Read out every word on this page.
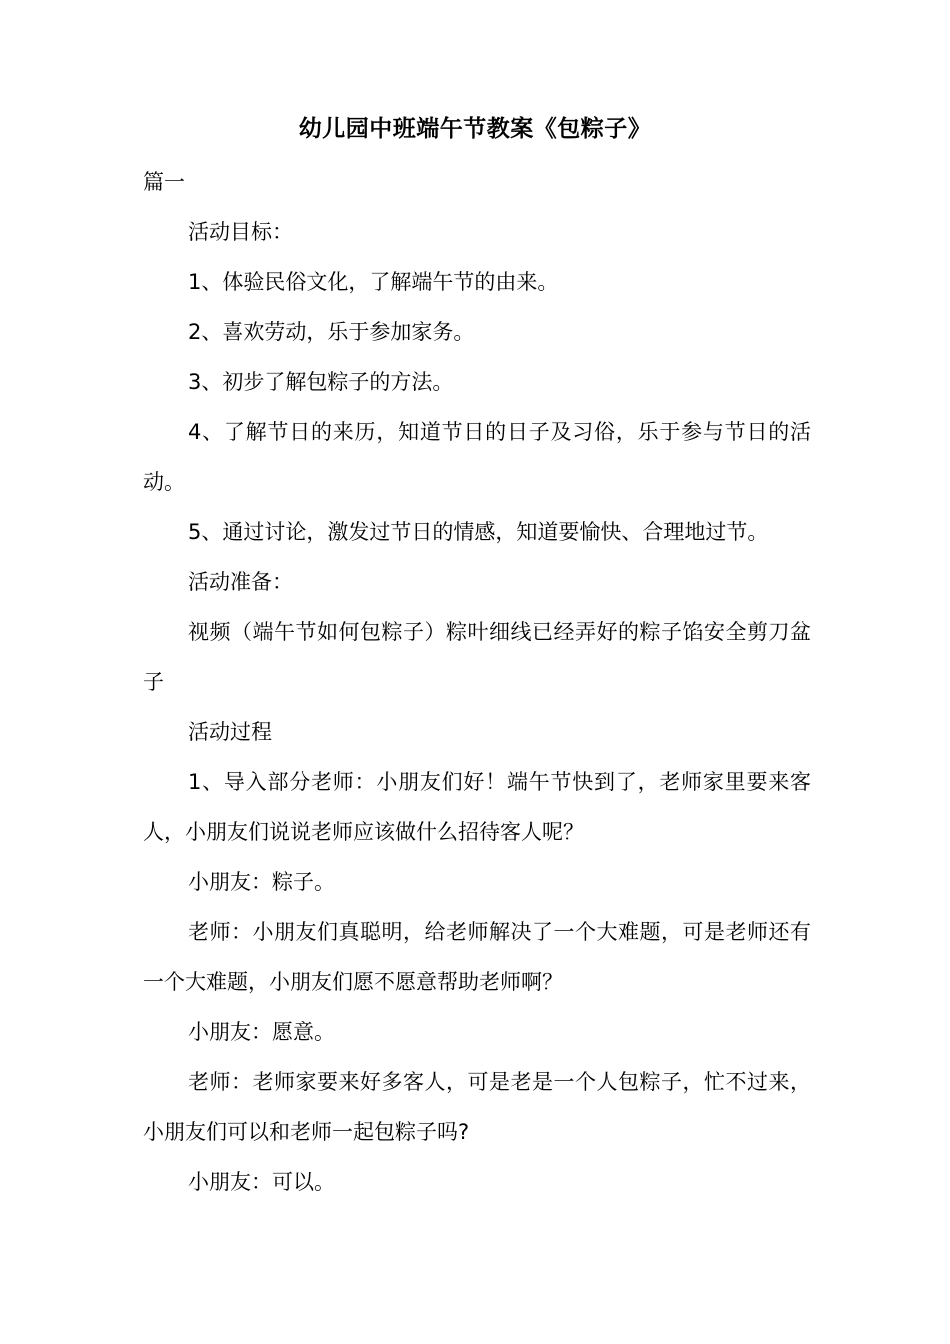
幼儿园中班端午节教案《包粽子》

篇一

活动目标：

1、体验民俗文化，了解端午节的由来。

2、喜欢劳动，乐于参加家务。

3、初步了解包粽子的方法。

4、了解节日的来历，知道节日的日子及习俗，乐于参与节日的活动。

5、通过讨论，激发过节日的情感，知道要愉快、合理地过节。

活动准备：

视频（端午节如何包粽子）粽叶细线已经弄好的粽子馅安全剪刀盆子

活动过程

1、导入部分老师：小朋友们好！端午节快到了，老师家里要来客人，小朋友们说说老师应该做什么招待客人呢？

小朋友：粽子。

老师：小朋友们真聪明，给老师解决了一个大难题，可是老师还有一个大难题，小朋友们愿不愿意帮助老师啊？

小朋友：愿意。

老师：老师家要来好多客人，可是老是一个人包粽子，忙不过来，小朋友们可以和老师一起包粽子吗?

小朋友：可以。
